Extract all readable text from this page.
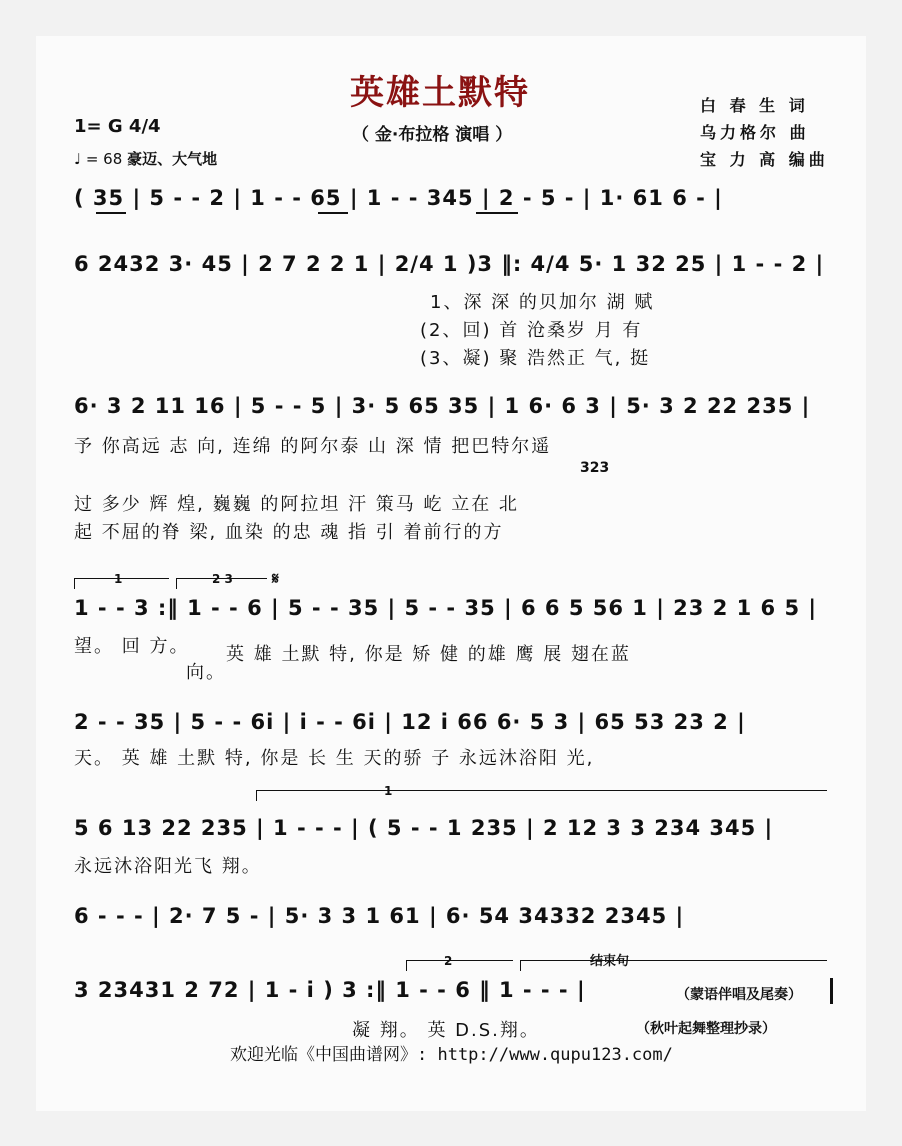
英雄土默特
（ 金·布拉格 演唱 ）
白 春 生 词
乌力格尔 曲
宝 力 高 编曲
1= G 4/4
♩ = 68 豪迈、大气地
( 35 | 5 - - 2 | 1 - - 65 | 1 - - 345 | 2 - 5 - | 1· 61 6 - |
6 2432 3· 45 | 2 7 2 2 1 | 2/4 1 )3 ‖: 4/4 5· 1 32 25 | 1 - - 2 |
1、深 深 的贝加尔 湖 赋
(2、回) 首 沧桑岁 月 有
(3、凝) 聚 浩然正 气, 挺
6· 3 2 11 16 | 5 - - 5 | 3· 5 65 35 | 1 6· 6 3 | 5· 3 2 22 235 |
予 你高远 志 向, 连绵 的阿尔泰 山 深 情 把巴特尔遥
323
过 多少 辉 煌, 巍巍 的阿拉坦 汗 策马 屹 立在 北
起 不屈的脊 梁, 血染 的忠 魂 指 引 着前行的方
1	2 3 𝄋
1 - - 3 :‖ 1 - - 6 | 5 - - 35 | 5 - - 35 | 6 6 5 56 1 | 23 2 1 6 5 |
望。 回 方。
向。
英 雄 土默 特, 你是 矫 健 的雄 鹰 展 翅在蓝
2 - - 35 | 5 - - 6i | i - - 6i | 12 i 66 6· 5 3 | 65 53 23 2 |
天。 英 雄 土默 特, 你是 长 生 天的骄 子 永远沐浴阳 光,
1
5 6 13 22 235 | 1 - - - | ( 5 - - 1 235 | 2 12 3 3 234 345 |
永远沐浴阳光飞 翔。
6 - - - | 2· 7 5 - | 5· 3 3 1 61 | 6· 54 34332 2345 |
2	结束句
3 23431 2 72 | 1 - i ) 3 :‖ 1 - - 6 ‖ 1 - - - |	（蒙语伴唱及尾奏）
凝 翔。 英 D.S.翔。	（秋叶起舞整理抄录）
欢迎光临《中国曲谱网》: http://www.qupu123.com/
